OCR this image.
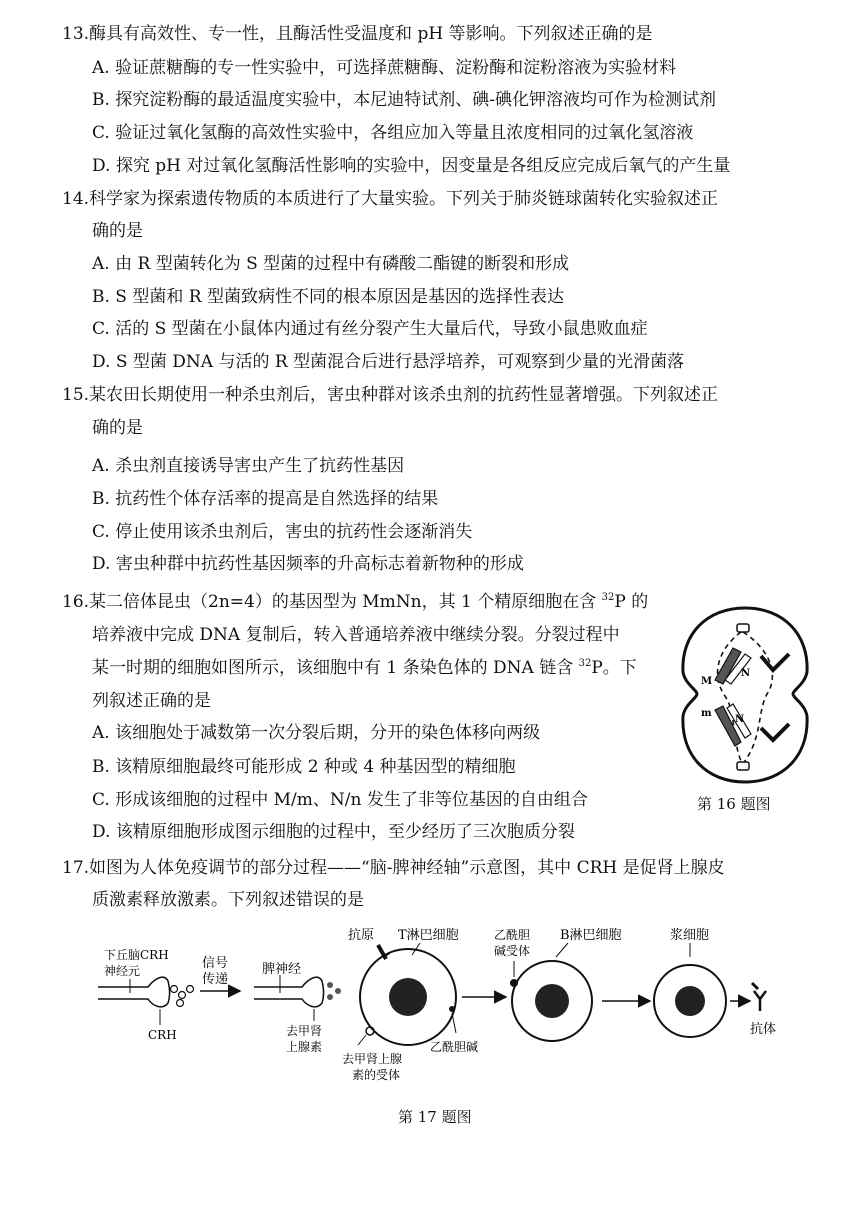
13.酶具有高效性、专一性，且酶活性受温度和 pH 等影响。下列叙述正确的是
A. 验证蔗糖酶的专一性实验中，可选择蔗糖酶、淀粉酶和淀粉溶液为实验材料
B. 探究淀粉酶的最适温度实验中，本尼迪特试剂、碘-碘化钾溶液均可作为检测试剂
C. 验证过氧化氢酶的高效性实验中，各组应加入等量且浓度相同的过氧化氢溶液
D. 探究 pH 对过氧化氢酶活性影响的实验中，因变量是各组反应完成后氧气的产生量
14.科学家为探索遗传物质的本质进行了大量实验。下列关于肺炎链球菌转化实验叙述正
确的是
A. 由 R 型菌转化为 S 型菌的过程中有磷酸二酯键的断裂和形成
B. S 型菌和 R 型菌致病性不同的根本原因是基因的选择性表达
C. 活的 S 型菌在小鼠体内通过有丝分裂产生大量后代，导致小鼠患败血症
D. S 型菌 DNA 与活的 R 型菌混合后进行悬浮培养，可观察到少量的光滑菌落
15.某农田长期使用一种杀虫剂后，害虫种群对该杀虫剂的抗药性显著增强。下列叙述正
确的是
A. 杀虫剂直接诱导害虫产生了抗药性基因
B. 抗药性个体存活率的提高是自然选择的结果
C. 停止使用该杀虫剂后，害虫的抗药性会逐渐消失
D. 害虫种群中抗药性基因频率的升高标志着新物种的形成
16.某二倍体昆虫（2n=4）的基因型为 MmNn，其 1 个精原细胞在含 $^{32}$P 的
培养液中完成 DNA 复制后，转入普通培养液中继续分裂。分裂过程中
某一时期的细胞如图所示，该细胞中有 1 条染色体的 DNA 链含 $^{32}$P。下
列叙述正确的是
A. 该细胞处于减数第一次分裂后期，分开的染色体移向两级
B. 该精原细胞最终可能形成 2 种或 4 种基因型的精细胞
C. 形成该细胞的过程中 M/m、N/n 发生了非等位基因的自由组合
D. 该精原细胞形成图示细胞的过程中，至少经历了三次胞质分裂
M
N
m
N
第 16 题图
17.如图为人体免疫调节的部分过程——“脑-脾神经轴”示意图，其中 CRH 是促肾上腺皮
质激素释放激素。下列叙述错误的是
下丘脑CRH
神经元
CRH
信号
传递
脾神经
去甲肾
上腺素
抗原 T淋巴细胞
去甲肾上腺
素的受体
乙酰胆碱
乙酰胆
碱受体
B淋巴细胞	浆细胞
抗体
第 17 题图
